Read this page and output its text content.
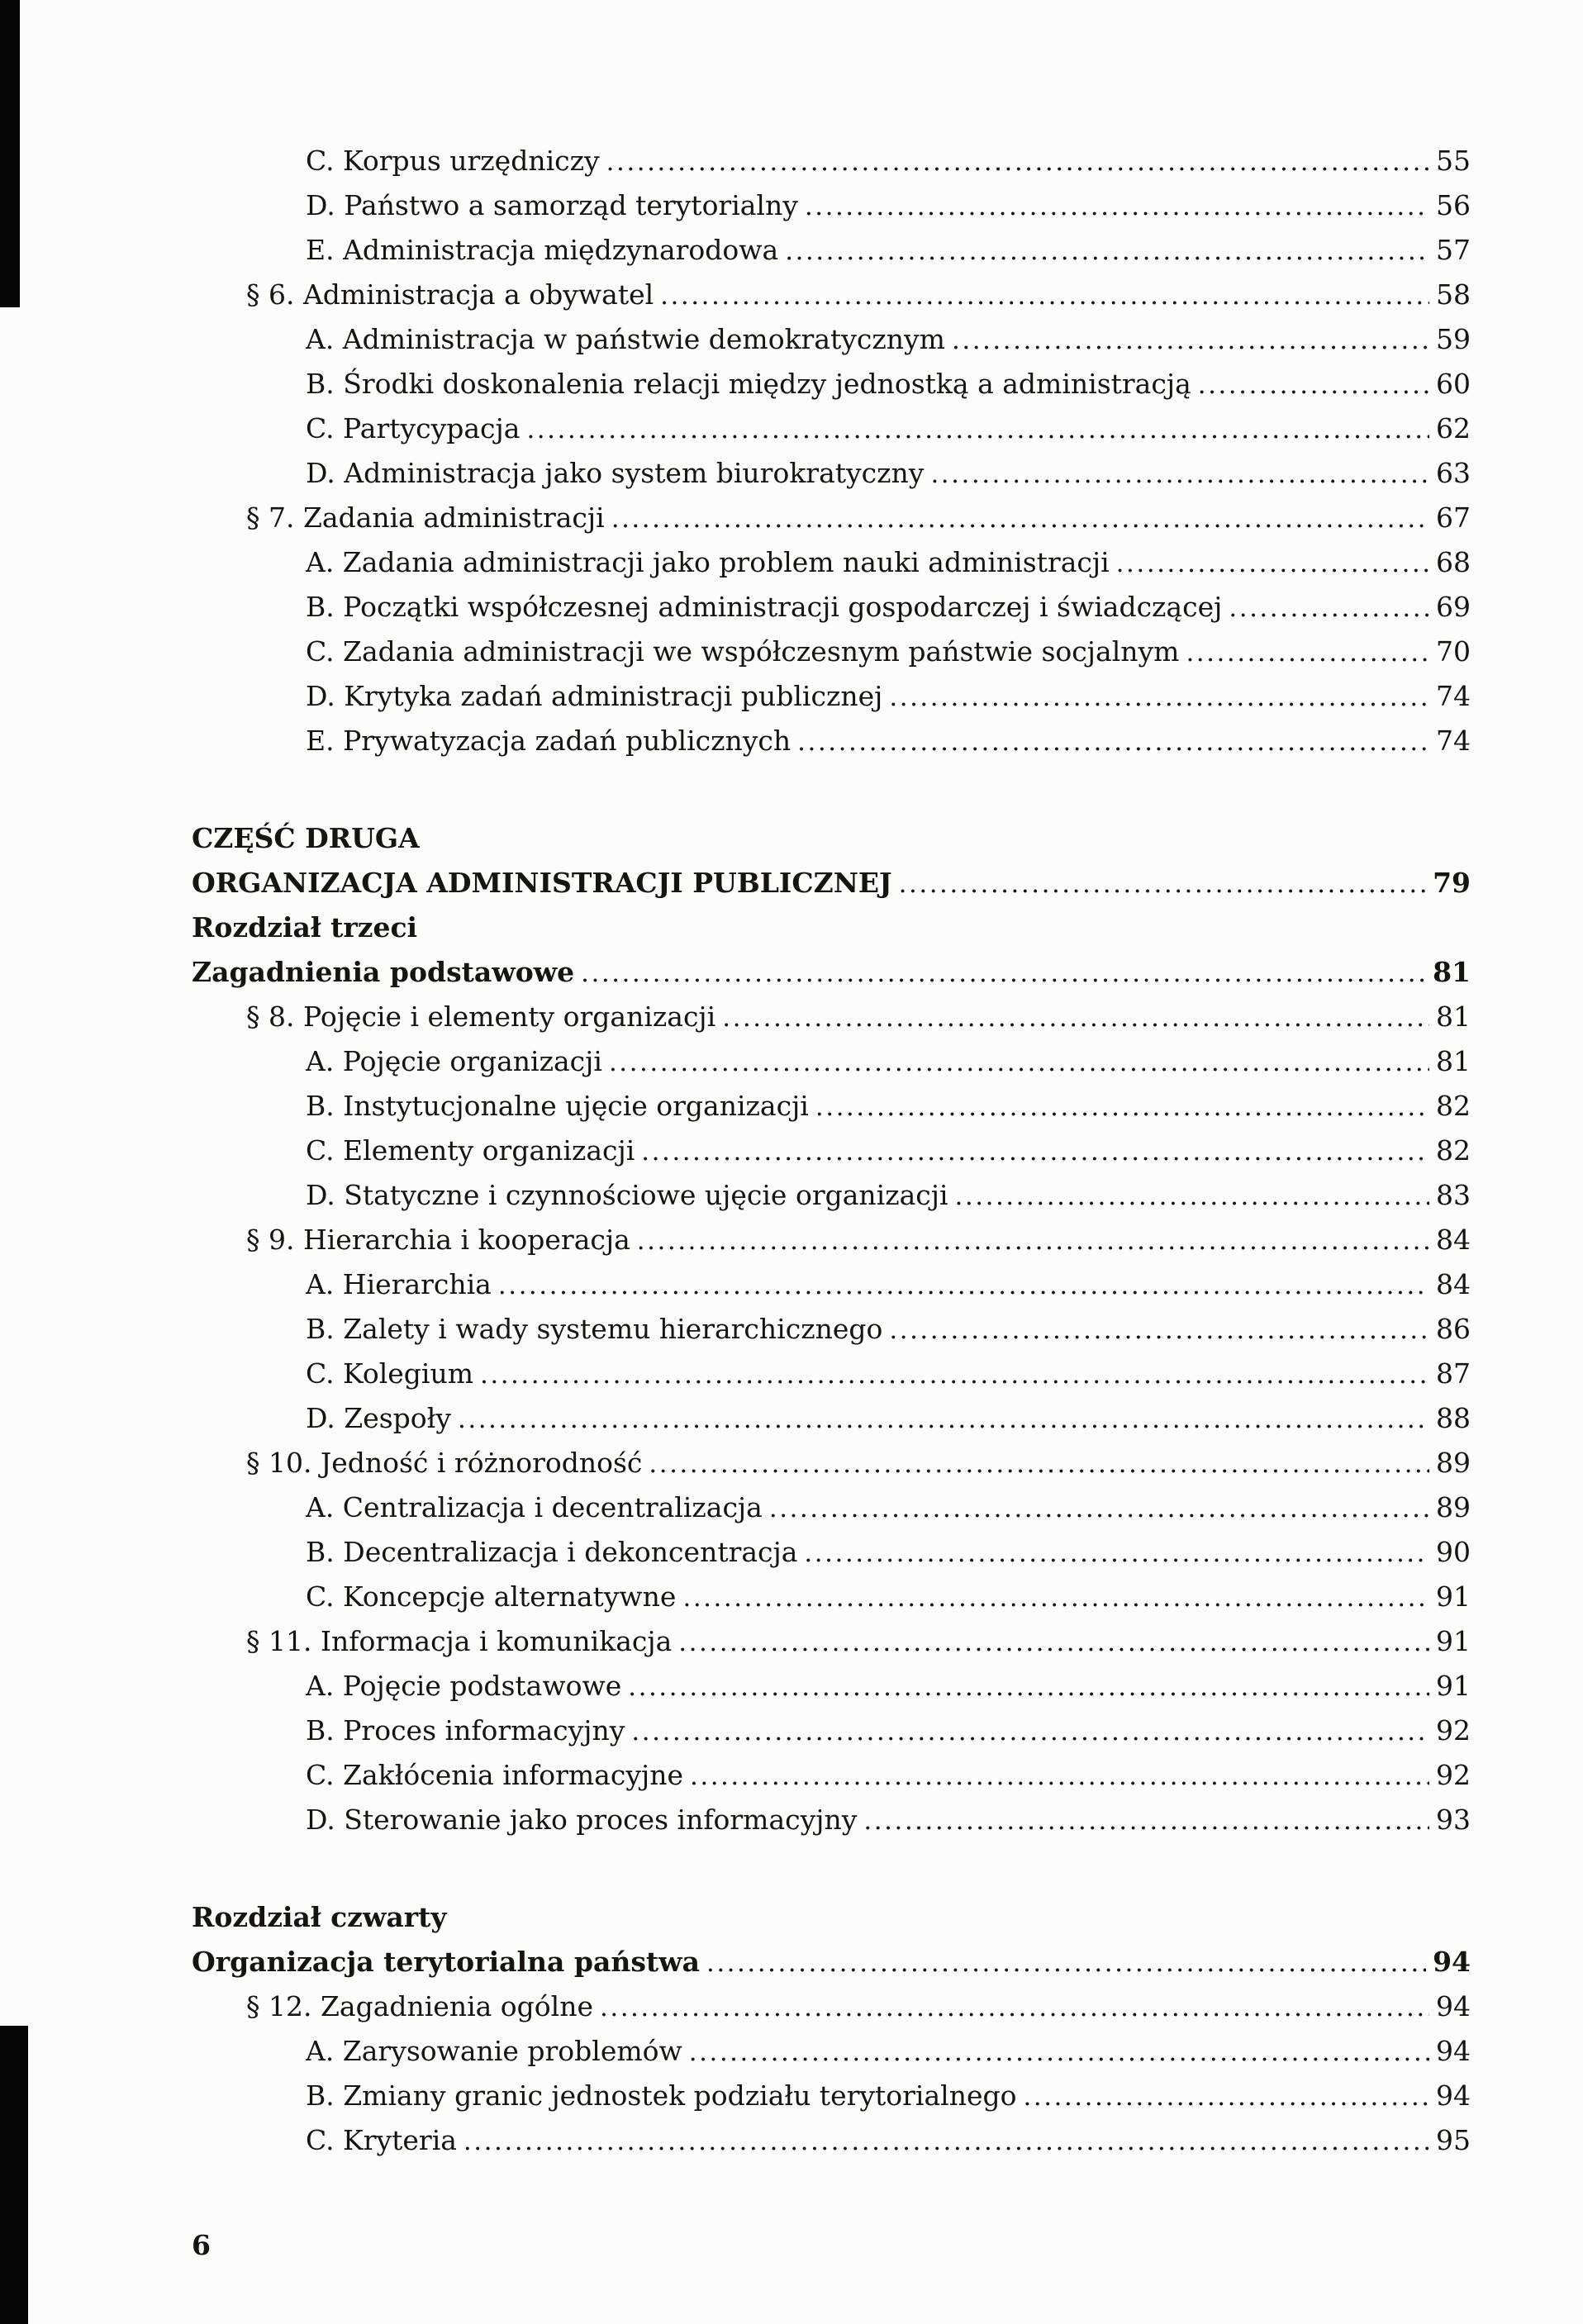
C. Korpus urzędniczy .....	55
D. Państwo a samorząd terytorialny .....	56
E. Administracja międzynarodowa .....	57
§ 6. Administracja a obywatel .....	58
A. Administracja w państwie demokratycznym .....	59
B. Środki doskonalenia relacji między jednostką a administracją .....	60
C. Partycypacja .....	62
D. Administracja jako system biurokratyczny .....	63
§ 7. Zadania administracji .....	67
A. Zadania administracji jako problem nauki administracji .....	68
B. Początki współczesnej administracji gospodarczej i świadczącej .....	69
C. Zadania administracji we współczesnym państwie socjalnym .....	70
D. Krytyka zadań administracji publicznej .....	74
E. Prywatyzacja zadań publicznych .....	74
CZĘŚĆ DRUGA
ORGANIZACJA ADMINISTRACJI PUBLICZNEJ .....	79
Rozdział trzeci
Zagadnienia podstawowe .....	81
§ 8. Pojęcie i elementy organizacji .....	81
A. Pojęcie organizacji .....	81
B. Instytucjonalne ujęcie organizacji .....	82
C. Elementy organizacji .....	82
D. Statyczne i czynnościowe ujęcie organizacji .....	83
§ 9. Hierarchia i kooperacja .....	84
A. Hierarchia .....	84
B. Zalety i wady systemu hierarchicznego .....	86
C. Kolegium .....	87
D. Zespoły .....	88
§ 10. Jedność i różnorodność .....	89
A. Centralizacja i decentralizacja .....	89
B. Decentralizacja i dekoncentracja .....	90
C. Koncepcje alternatywne .....	91
§ 11. Informacja i komunikacja .....	91
A. Pojęcie podstawowe .....	91
B. Proces informacyjny .....	92
C. Zakłócenia informacyjne .....	92
D. Sterowanie jako proces informacyjny .....	93
Rozdział czwarty
Organizacja terytorialna państwa .....	94
§ 12. Zagadnienia ogólne .....	94
A. Zarysowanie problemów .....	94
B. Zmiany granic jednostek podziału terytorialnego .....	94
C. Kryteria .....	95
6
